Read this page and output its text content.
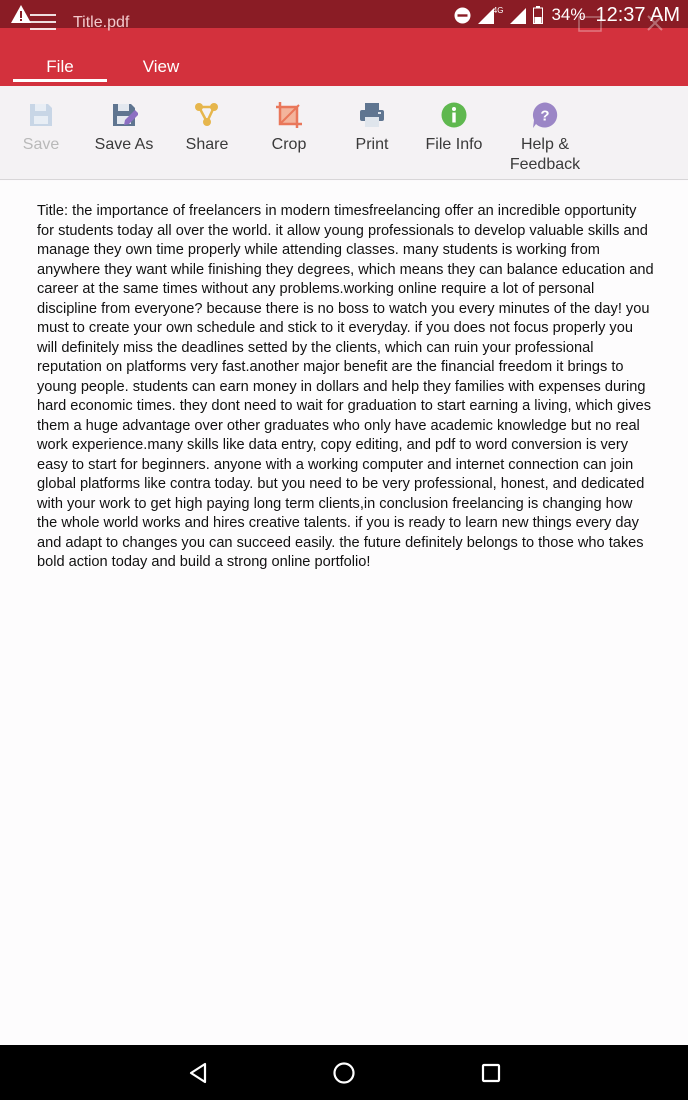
4G	34% 12:37 AM
Title.pdf
File	View
Save Save As Share	Crop	Print File Info
?
Help &
Feedback
Title: the importance of freelancers in modern timesfreelancing offer an incredible opportunity
for students today all over the world. it allow young professionals to develop valuable skills and
manage they own time properly while attending classes. many students is working from
anywhere they want while finishing they degrees, which means they can balance education and
career at the same times without any problems.working online require a lot of personal
discipline from everyone? because there is no boss to watch you every minutes of the day! you
must to create your own schedule and stick to it everyday. if you does not focus properly you
will definitely miss the deadlines setted by the clients, which can ruin your professional
reputation on platforms very fast.another major benefit are the financial freedom it brings to
young people. students can earn money in dollars and help they families with expenses during
hard economic times. they dont need to wait for graduation to start earning a living, which gives
them a huge advantage over other graduates who only have academic knowledge but no real
work experience.many skills like data entry, copy editing, and pdf to word conversion is very
easy to start for beginners. anyone with a working computer and internet connection can join
global platforms like contra today. but you need to be very professional, honest, and dedicated
with your work to get high paying long term clients,in conclusion freelancing is changing how
the whole world works and hires creative talents. if you is ready to learn new things every day
and adapt to changes you can succeed easily. the future definitely belongs to those who takes
bold action today and build a strong online portfolio!
